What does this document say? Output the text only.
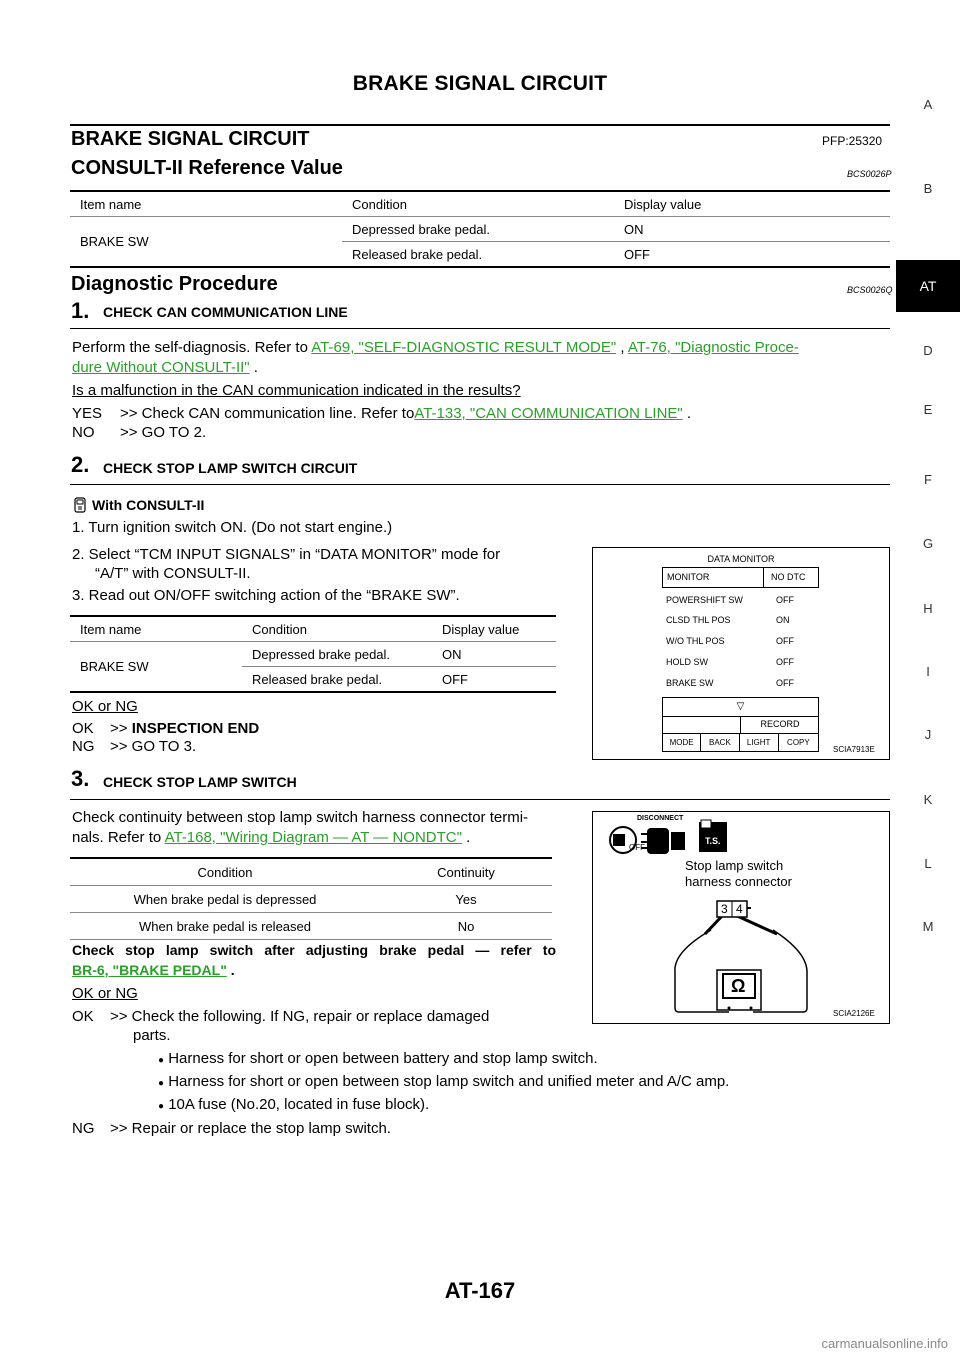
BRAKE SIGNAL CIRCUIT
BRAKE SIGNAL CIRCUIT	PFP:25320
CONSULT-II Reference Value	BCS0026P
Item name	Condition	Display value
BRAKE SW	Depressed brake pedal.	ON
	Released brake pedal.	OFF
Diagnostic Procedure	BCS0026Q
1. CHECK CAN COMMUNICATION LINE
Perform the self-diagnosis. Refer to AT-69, "SELF-DIAGNOSTIC RESULT MODE" , AT-76, "Diagnostic Proce-
dure Without CONSULT-II" .
Is a malfunction in the CAN communication indicated in the results?
YES >> Check CAN communication line. Refer toAT-133, "CAN COMMUNICATION LINE" .
NO >> GO TO 2.
2. CHECK STOP LAMP SWITCH CIRCUIT
With CONSULT-II
1. Turn ignition switch ON. (Do not start engine.)
2. Select “TCM INPUT SIGNALS” in “DATA MONITOR” mode for
“A/T” with CONSULT-II.
3. Read out ON/OFF switching action of the “BRAKE SW”.
Item name	Condition	Display value
BRAKE SW	Depressed brake pedal.	ON
	Released brake pedal.	OFF
OK or NG
OK >> INSPECTION END
NG >> GO TO 3.
DATA MONITOR
MONITOR	NO DTC
POWERSHIFT SW	OFF
CLSD THL POS	ON
W/O THL POS	OFF
HOLD SW	OFF
BRAKE SW	OFF
▽
RECORD
MODE	BACK	LIGHT	COPY
SCIA7913E
3. CHECK STOP LAMP SWITCH
Check continuity between stop lamp switch harness connector termi-
nals. Refer to AT-168, "Wiring Diagram — AT — NONDTC" .
Condition	Continuity
When brake pedal is depressed	Yes
When brake pedal is released	No
Check stop lamp switch after adjusting brake pedal — refer to
BR-6, "BRAKE PEDAL" .
OK or NG
OK >> Check the following. If NG, repair or replace damaged
parts.
● Harness for short or open between battery and stop lamp switch.
● Harness for short or open between stop lamp switch and unified meter and A/C amp.
● 10A fuse (No.20, located in fuse block).
NG >> Repair or replace the stop lamp switch.
OFF
DISCONNECT
T.S.
Stop lamp switch
harness connector
3 4
Ω
SCIA2126E
A
B
AT
D
E
F
G
H
I
J
K
L
M
AT-167
carmanualsonline.info
